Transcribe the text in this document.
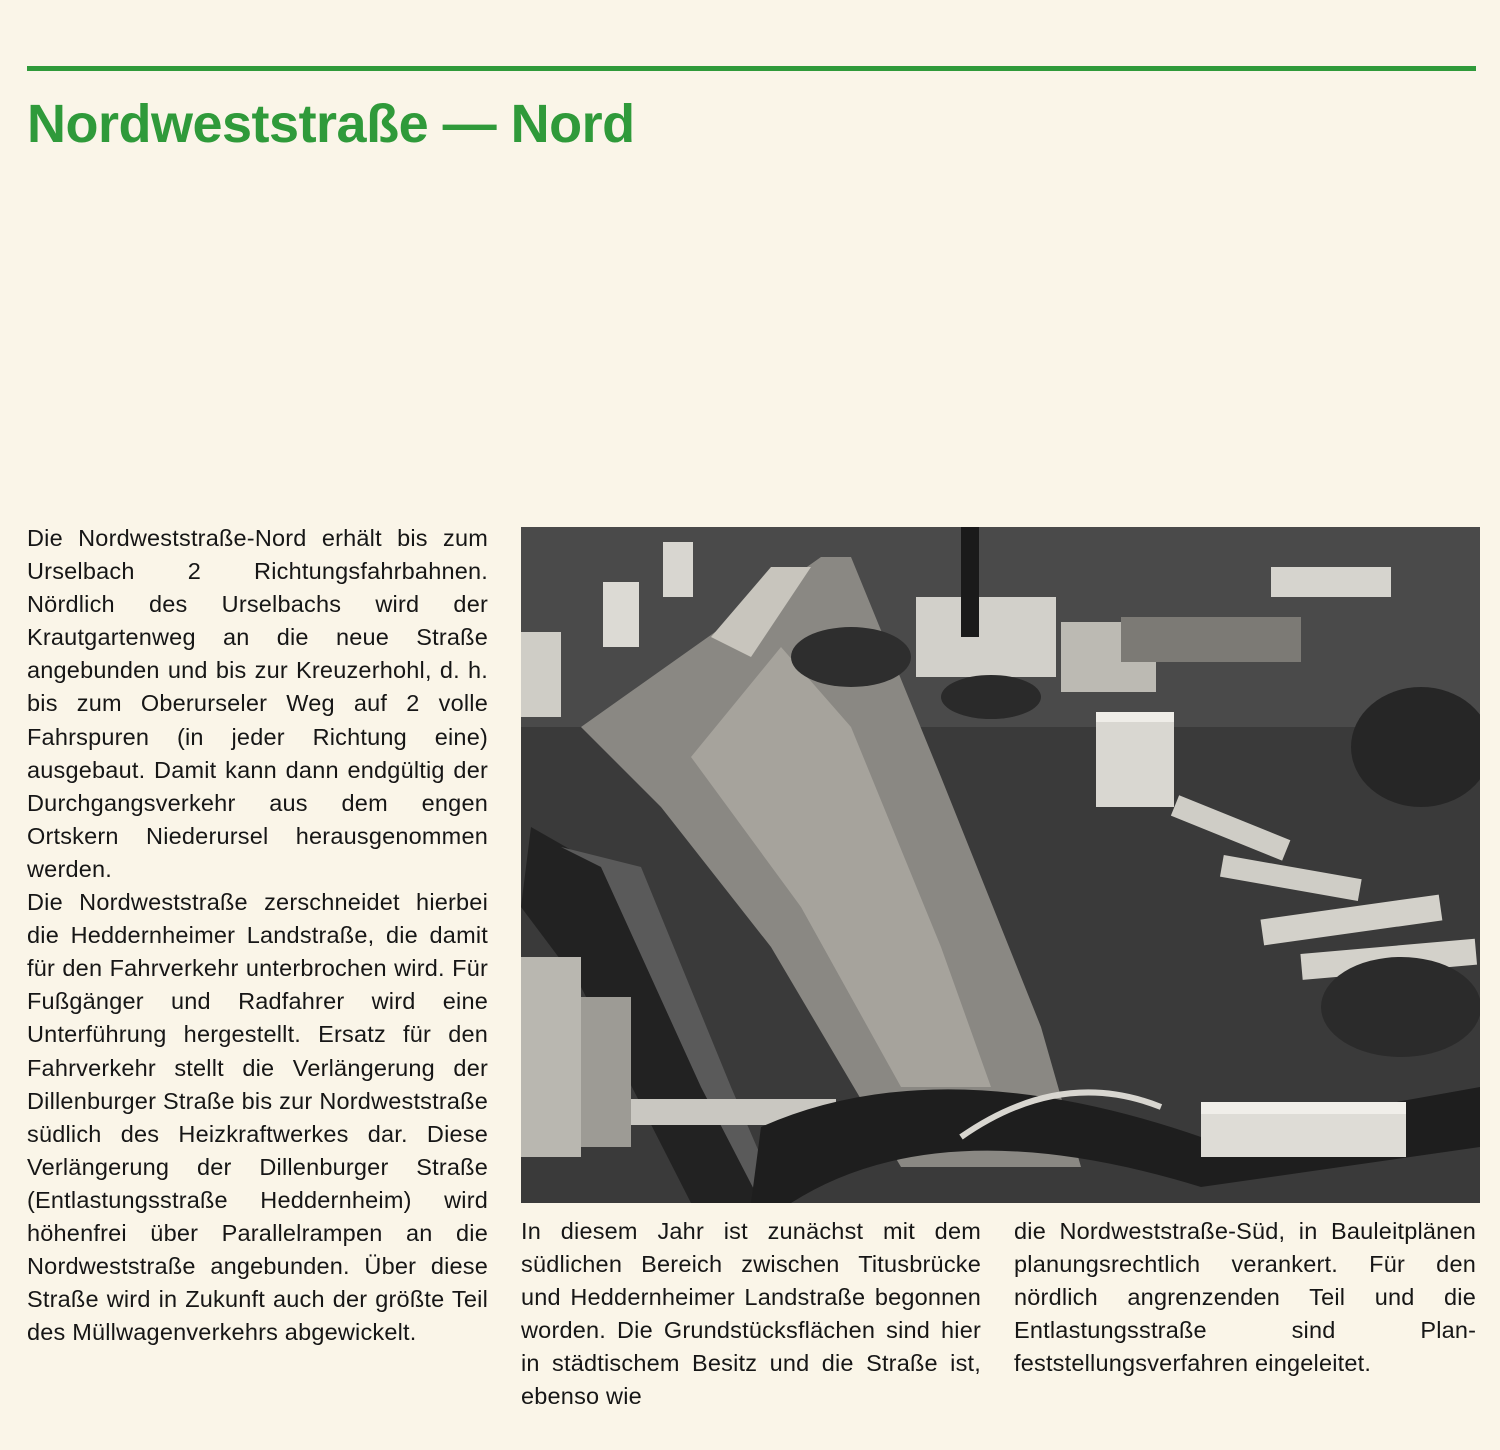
Nordweststraße — Nord

Die Nordweststraße-Nord erhält bis zum Urselbach 2 Richtungsfahrbahnen. Nördlich des Urselbachs wird der Krautgartenweg an die neue Straße angebunden und bis zur Kreuzerhohl, d. h. bis zum Oberurseler Weg auf 2 volle Fahrspuren (in jeder Richtung eine) ausgebaut. Damit kann dann endgültig der Durchgangsverkehr aus dem engen Ortskern Niederursel herausgenommen werden.

Die Nordweststraße zerschneidet hierbei die Heddernheimer Landstraße, die damit für den Fahrverkehr unterbrochen wird. Für Fußgänger und Radfahrer wird eine Unterführung hergestellt. Ersatz für den Fahrverkehr stellt die Verlängerung der Dillenburger Straße bis zur Nordweststraße südlich des Heizkraftwerkes dar. Diese Verlängerung der Dillenburger Straße (Entlastungsstraße Heddernheim) wird höhenfrei über Parallelrampen an die Nordweststraße angebunden. Über diese Straße wird in Zukunft auch der größte Teil des Müllwagenverkehrs abgewickelt.

In diesem Jahr ist zunächst mit dem südlichen Bereich zwischen Titusbrücke und Heddernheimer Landstraße begonnen worden. Die Grundstücksflächen sind hier in städtischem Besitz und die Straße ist, ebenso wie

die Nordweststraße-Süd, in Bauleitplänen planungsrechtlich verankert. Für den nördlich angrenzenden Teil und die Entlastungsstraße sind Planfeststellungsverfahren eingeleitet.
